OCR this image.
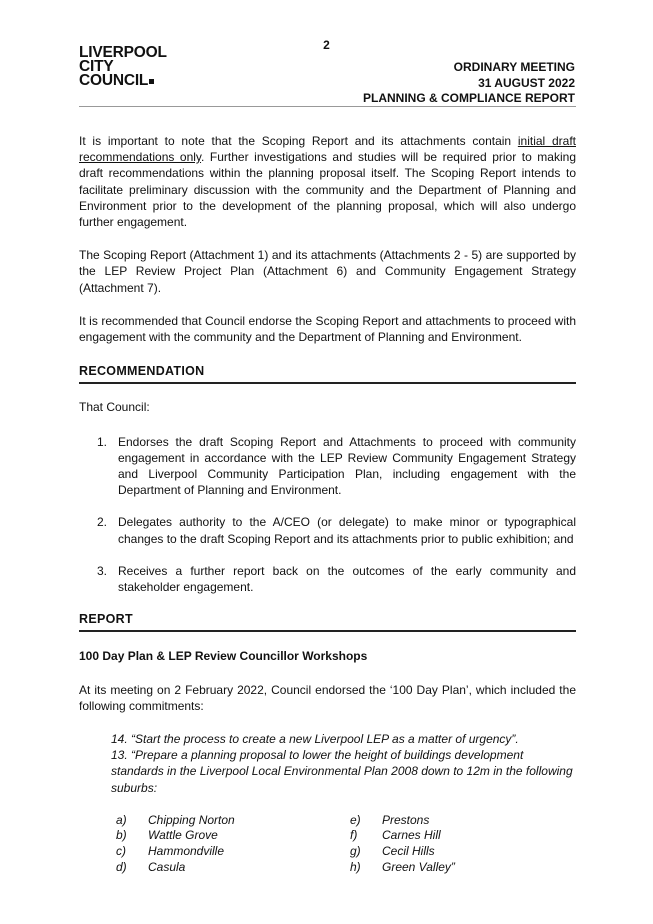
2
LIVERPOOL
CITY
COUNCIL
ORDINARY MEETING
31 AUGUST 2022
PLANNING & COMPLIANCE REPORT

It is important to note that the Scoping Report and its attachments contain initial draft recommendations only. Further investigations and studies will be required prior to making draft recommendations within the planning proposal itself. The Scoping Report intends to facilitate preliminary discussion with the community and the Department of Planning and Environment prior to the development of the planning proposal, which will also undergo further engagement.

The Scoping Report (Attachment 1) and its attachments (Attachments 2 - 5) are supported by the LEP Review Project Plan (Attachment 6) and Community Engagement Strategy (Attachment 7).

It is recommended that Council endorse the Scoping Report and attachments to proceed with engagement with the community and the Department of Planning and Environment.

RECOMMENDATION

That Council:

1. Endorses the draft Scoping Report and Attachments to proceed with community engagement in accordance with the LEP Review Community Engagement Strategy and Liverpool Community Participation Plan, including engagement with the Department of Planning and Environment.
2. Delegates authority to the A/CEO (or delegate) to make minor or typographical changes to the draft Scoping Report and its attachments prior to public exhibition; and
3. Receives a further report back on the outcomes of the early community and stakeholder engagement.
REPORT
100 Day Plan & LEP Review Councillor Workshops

At its meeting on 2 February 2022, Council endorsed the ‘100 Day Plan’, which included the following commitments:

14. “Start the process to create a new Liverpool LEP as a matter of urgency”.

13. “Prepare a planning proposal to lower the height of buildings development standards in the Liverpool Local Environmental Plan 2008 down to 12m in the following suburbs:

a)	Chipping Norton
b)	Wattle Grove
c)	Hammondville
d)	Casula
e)	Prestons
f)	Carnes Hill
g)	Cecil Hills
h)	Green Valley”
